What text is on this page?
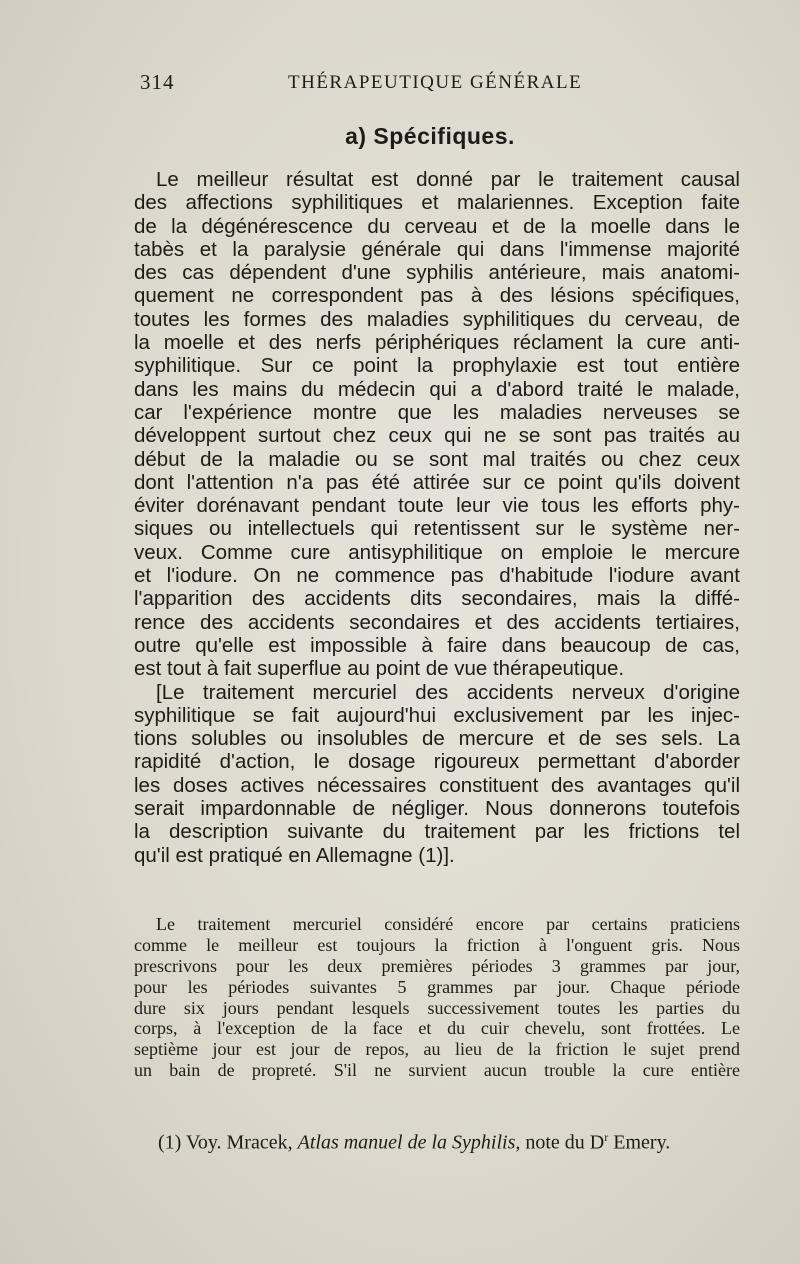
314	THÉRAPEUTIQUE GÉNÉRALE
a) Spécifiques.
Le meilleur résultat est donné par le traitement causal
des affections syphilitiques et malariennes. Exception faite
de la dégénérescence du cerveau et de la moelle dans le
tabès et la paralysie générale qui dans l'immense majorité
des cas dépendent d'une syphilis antérieure, mais anatomi-
quement ne correspondent pas à des lésions spécifiques,
toutes les formes des maladies syphilitiques du cerveau, de
la moelle et des nerfs périphériques réclament la cure anti-
syphilitique. Sur ce point la prophylaxie est tout entière
dans les mains du médecin qui a d'abord traité le malade,
car l'expérience montre que les maladies nerveuses se
développent surtout chez ceux qui ne se sont pas traités au
début de la maladie ou se sont mal traités ou chez ceux
dont l'attention n'a pas été attirée sur ce point qu'ils doivent
éviter dorénavant pendant toute leur vie tous les efforts phy-
siques ou intellectuels qui retentissent sur le système ner-
veux. Comme cure antisyphilitique on emploie le mercure
et l'iodure. On ne commence pas d'habitude l'iodure avant
l'apparition des accidents dits secondaires, mais la diffé-
rence des accidents secondaires et des accidents tertiaires,
outre qu'elle est impossible à faire dans beaucoup de cas,
est tout à fait superflue au point de vue thérapeutique.
[Le traitement mercuriel des accidents nerveux d'origine
syphilitique se fait aujourd'hui exclusivement par les injec-
tions solubles ou insolubles de mercure et de ses sels. La
rapidité d'action, le dosage rigoureux permettant d'aborder
les doses actives nécessaires constituent des avantages qu'il
serait impardonnable de négliger. Nous donnerons toutefois
la description suivante du traitement par les frictions tel
qu'il est pratiqué en Allemagne (1)].
Le traitement mercuriel considéré encore par certains praticiens
comme le meilleur est toujours la friction à l'onguent gris. Nous
prescrivons pour les deux premières périodes 3 grammes par jour,
pour les périodes suivantes 5 grammes par jour. Chaque période
dure six jours pendant lesquels successivement toutes les parties du
corps, à l'exception de la face et du cuir chevelu, sont frottées. Le
septième jour est jour de repos, au lieu de la friction le sujet prend
un bain de propreté. S'il ne survient aucun trouble la cure entière
(1) Voy. Mracek, Atlas manuel de la Syphilis, note du $D^r$ Emery.
